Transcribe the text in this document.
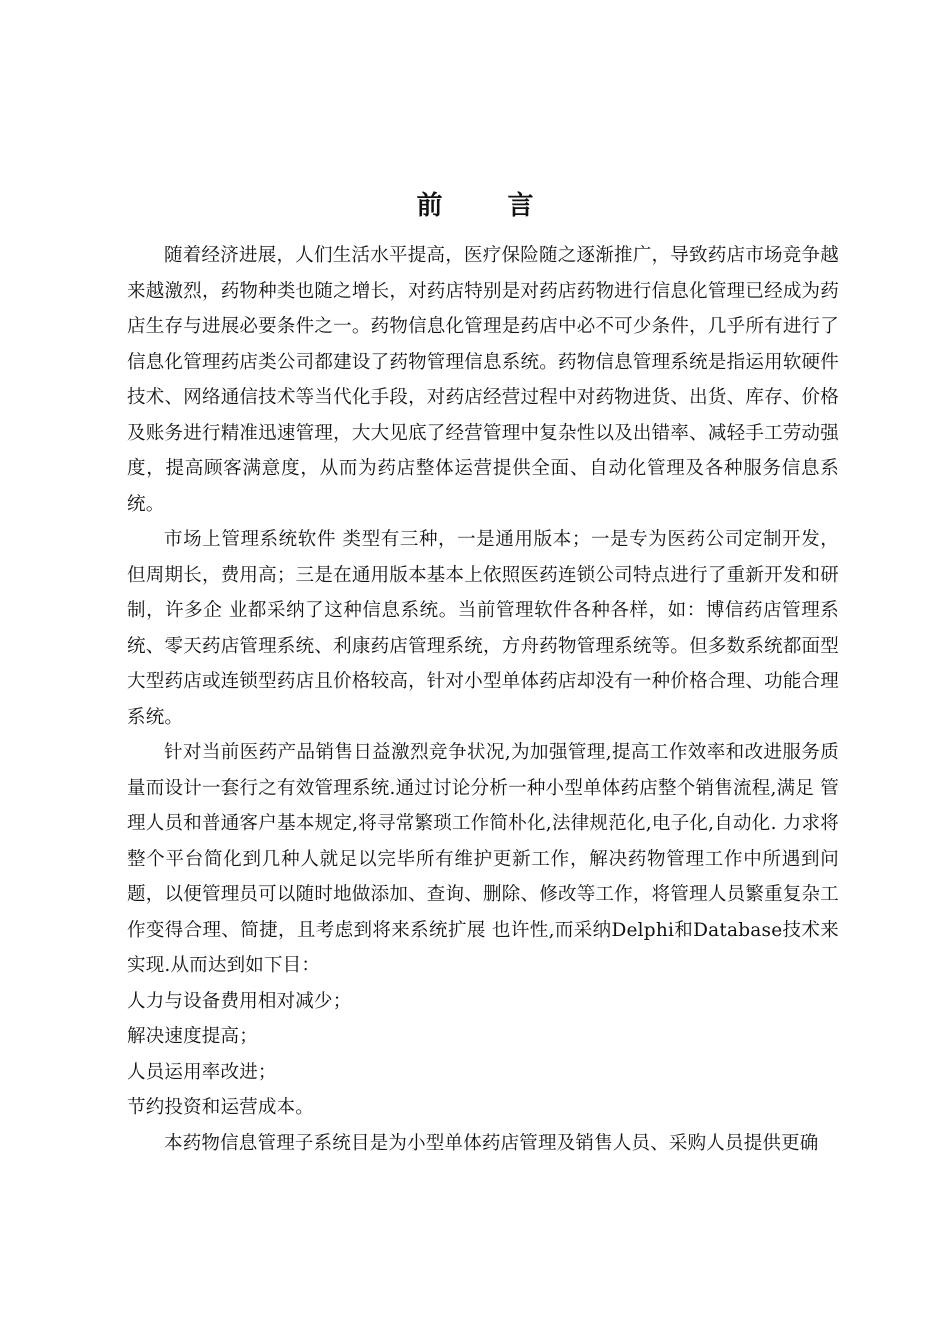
前 言

随着经济进展，人们生活水平提高，医疗保险随之逐渐推广，导致药店市场竞争越来越激烈，药物种类也随之增长，对药店特别是对药店药物进行信息化管理已经成为药店生存与进展必要条件之一。药物信息化管理是药店中必不可少条件，几乎所有进行了信息化管理药店类公司都建设了药物管理信息系统。药物信息管理系统是指运用软硬件技术、网络通信技术等当代化手段，对药店经营过程中对药物进货、出货、库存、价格及账务进行精准迅速管理，大大见底了经营管理中复杂性以及出错率、减轻手工劳动强度，提高顾客满意度，从而为药店整体运营提供全面、自动化管理及各种服务信息系统。

市场上管理系统软件 类型有三种，一是通用版本；一是专为医药公司定制开发，但周期长，费用高；三是在通用版本基本上依照医药连锁公司特点进行了重新开发和研制，许多企 业都采纳了这种信息系统。当前管理软件各种各样，如：博信药店管理系统、零天药店管理系统、利康药店管理系统，方舟药物管理系统等。但多数系统都面型大型药店或连锁型药店且价格较高，针对小型单体药店却没有一种价格合理、功能合理系统。

针对当前医药产品销售日益激烈竞争状况,为加强管理,提高工作效率和改进服务质量而设计一套行之有效管理系统.通过讨论分析一种小型单体药店整个销售流程,满足 管理人员和普通客户基本规定,将寻常繁琐工作简朴化,法律规范化,电子化,自动化. 力求将整个平台简化到几种人就足以完毕所有维护更新工作，解决药物管理工作中所遇到问题，以便管理员可以随时地做添加、查询、删除、修改等工作，将管理人员繁重复杂工作变得合理、简捷，且考虑到将来系统扩展 也许性,而采纳Delphi和Database技术来实现.从而达到如下目：

人力与设备费用相对减少；

解决速度提高；

人员运用率改进；

节约投资和运营成本。

本药物信息管理子系统目是为小型单体药店管理及销售人员、采购人员提供更确
